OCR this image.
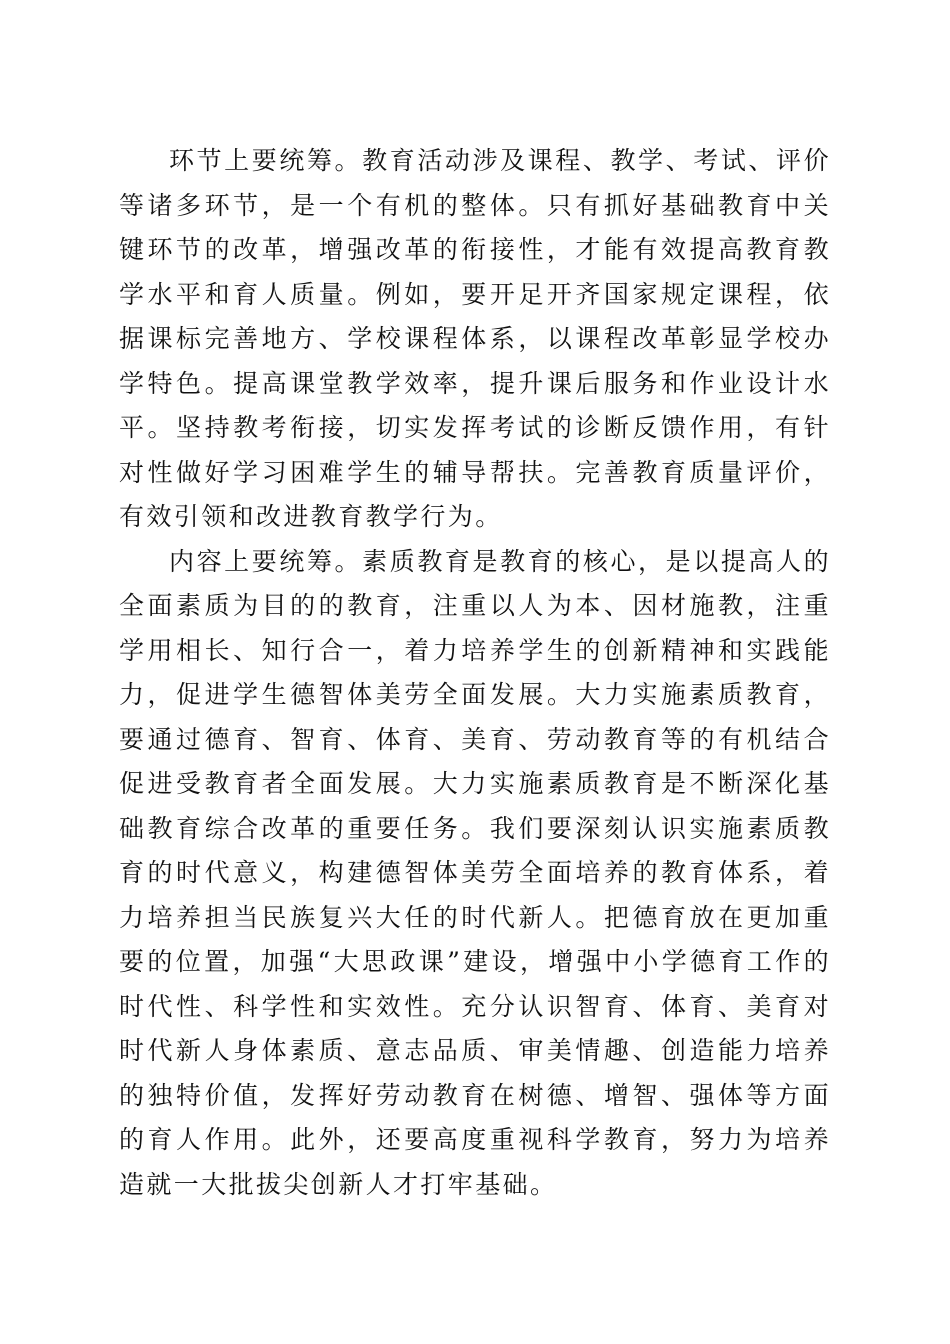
环节上要统筹。教育活动涉及课程、教学、考试、评价等诸多环节，是一个有机的整体。只有抓好基础教育中关键环节的改革，增强改革的衔接性，才能有效提高教育教学水平和育人质量。例如，要开足开齐国家规定课程，依据课标完善地方、学校课程体系，以课程改革彰显学校办学特色。提高课堂教学效率，提升课后服务和作业设计水平。坚持教考衔接，切实发挥考试的诊断反馈作用，有针对性做好学习困难学生的辅导帮扶。完善教育质量评价，有效引领和改进教育教学行为。

内容上要统筹。素质教育是教育的核心，是以提高人的全面素质为目的的教育，注重以人为本、因材施教，注重学用相长、知行合一，着力培养学生的创新精神和实践能力，促进学生德智体美劳全面发展。大力实施素质教育，要通过德育、智育、体育、美育、劳动教育等的有机结合促进受教育者全面发展。大力实施素质教育是不断深化基础教育综合改革的重要任务。我们要深刻认识实施素质教育的时代意义，构建德智体美劳全面培养的教育体系，着力培养担当民族复兴大任的时代新人。把德育放在更加重要的位置，加强“大思政课”建设，增强中小学德育工作的时代性、科学性和实效性。充分认识智育、体育、美育对时代新人身体素质、意志品质、审美情趣、创造能力培养的独特价值，发挥好劳动教育在树德、增智、强体等方面的育人作用。此外，还要高度重视科学教育，努力为培养造就一大批拔尖创新人才打牢基础。
